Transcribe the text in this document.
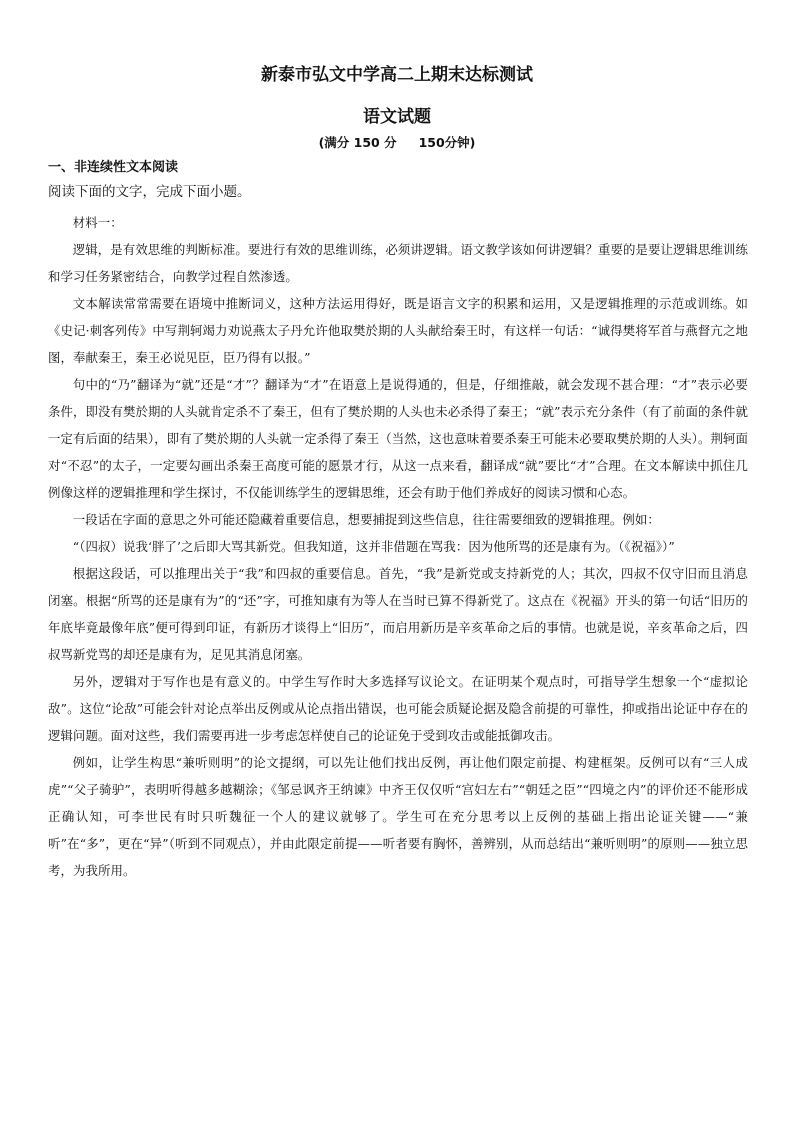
新泰市弘文中学高二上期末达标测试
语文试题
(满分 150 分 150分钟)
一、非连续性文本阅读
阅读下面的文字，完成下面小题。

材料一：

逻辑，是有效思维的判断标准。要进行有效的思维训练，必须讲逻辑。语文教学该如何讲逻辑？重要的是要让逻辑思维训练和学习任务紧密结合，向教学过程自然渗透。

文本解读常常需要在语境中推断词义，这种方法运用得好，既是语言文字的积累和运用，又是逻辑推理的示范或训练。如《史记·刺客列传》中写荆轲竭力劝说燕太子丹允许他取樊於期的人头献给秦王时，有这样一句话：“诚得樊将军首与燕督亢之地图，奉献秦王，秦王必说见臣，臣乃得有以报。”

句中的“乃”翻译为“就”还是“才”？翻译为“才”在语意上是说得通的，但是，仔细推敲，就会发现不甚合理：“才”表示必要条件，即没有樊於期的人头就肯定杀不了秦王，但有了樊於期的人头也未必杀得了秦王；“就”表示充分条件（有了前面的条件就一定有后面的结果），即有了樊於期的人头就一定杀得了秦王（当然，这也意味着要杀秦王可能未必要取樊於期的人头）。荆轲面对“不忍”的太子，一定要勾画出杀秦王高度可能的愿景才行，从这一点来看，翻译成“就”要比“才”合理。在文本解读中抓住几例像这样的逻辑推理和学生探讨，不仅能训练学生的逻辑思维，还会有助于他们养成好的阅读习惯和心态。

一段话在字面的意思之外可能还隐藏着重要信息，想要捕捉到这些信息，往往需要细致的逻辑推理。例如：

“（四叔）说我‘胖了’之后即大骂其新党。但我知道，这并非借题在骂我：因为他所骂的还是康有为。（《祝福》）”

根据这段话，可以推理出关于“我”和四叔的重要信息。首先，“我”是新党或支持新党的人；其次，四叔不仅守旧而且消息闭塞。根据“所骂的还是康有为”的“还”字，可推知康有为等人在当时已算不得新党了。这点在《祝福》开头的第一句话“旧历的年底毕竟最像年底”便可得到印证，有新历才谈得上“旧历”，而启用新历是辛亥革命之后的事情。也就是说，辛亥革命之后，四叔骂新党骂的却还是康有为，足见其消息闭塞。

另外，逻辑对于写作也是有意义的。中学生写作时大多选择写议论文。在证明某个观点时，可指导学生想象一个“虚拟论敌”。这位“论敌”可能会针对论点举出反例或从论点指出错误，也可能会质疑论据及隐含前提的可靠性，抑或指出论证中存在的逻辑问题。面对这些，我们需要再进一步考虑怎样使自己的论证免于受到攻击或能抵御攻击。

例如，让学生构思“兼听则明”的论文提纲，可以先让他们找出反例，再让他们限定前提、构建框架。反例可以有“三人成虎”“父子骑驴”，表明听得越多越糊涂；《邹忌讽齐王纳谏》中齐王仅仅听“宫妇左右”“朝廷之臣”“四境之内”的评价还不能形成正确认知，可李世民有时只听魏征一个人的建议就够了。学生可在充分思考以上反例的基础上指出论证关键——“兼听”在“多”，更在“异”（听到不同观点），并由此限定前提——听者要有胸怀，善辨别，从而总结出“兼听则明”的原则——独立思考，为我所用。
